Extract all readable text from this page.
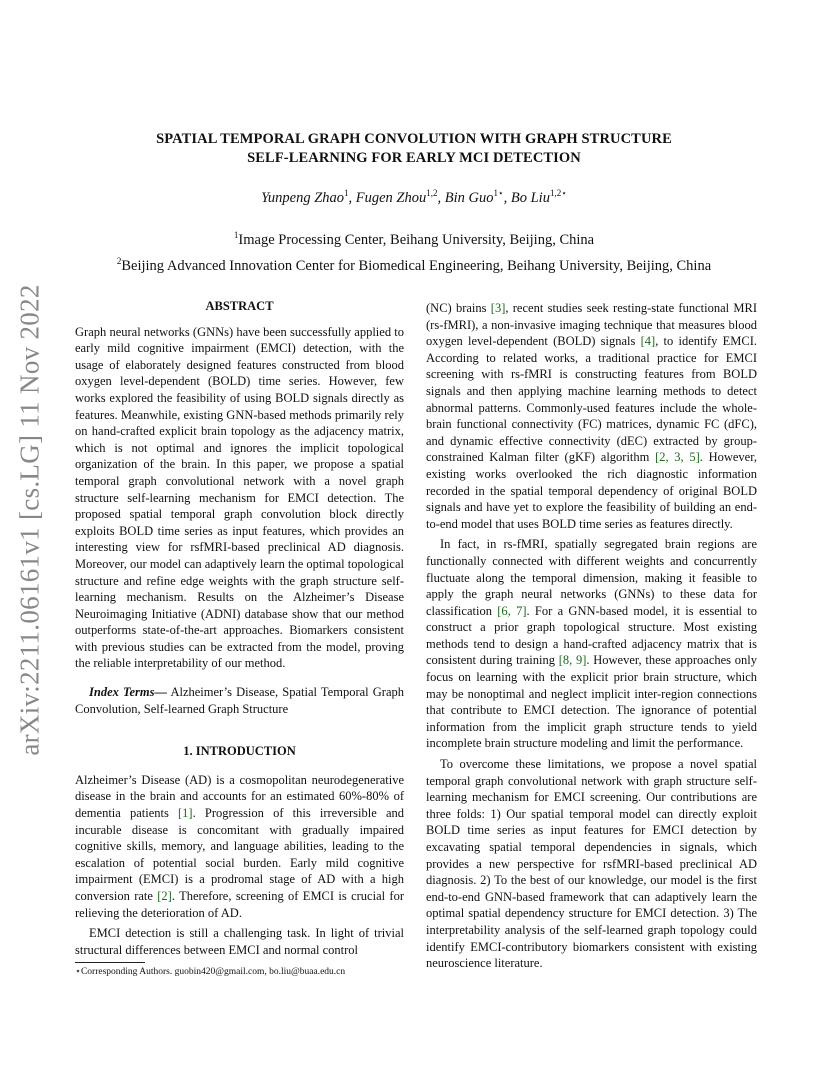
arXiv:2211.06161v1 [cs.LG] 11 Nov 2022
SPATIAL TEMPORAL GRAPH CONVOLUTION WITH GRAPH STRUCTURE
SELF-LEARNING FOR EARLY MCI DETECTION
Yunpeng Zhao$^1$, Fugen Zhou$^{1,2}$, Bin Guo$^{1⋆}$, Bo Liu$^{1,2⋆}$
$^1$Image Processing Center, Beihang University, Beijing, China
$^2$Beijing Advanced Innovation Center for Biomedical Engineering, Beihang University, Beijing, China
ABSTRACT

Graph neural networks (GNNs) have been successfully applied to early mild cognitive impairment (EMCI) detection, with the usage of elaborately designed features constructed from blood oxygen level-dependent (BOLD) time series. However, few works explored the feasibility of using BOLD signals directly as features. Meanwhile, existing GNN-based methods primarily rely on hand-crafted explicit brain topology as the adjacency matrix, which is not optimal and ignores the implicit topological organization of the brain. In this paper, we propose a spatial temporal graph convolutional network with a novel graph structure self-learning mechanism for EMCI detection. The proposed spatial temporal graph convolution block directly exploits BOLD time series as input features, which provides an interesting view for rsfMRI-based preclinical AD diagnosis. Moreover, our model can adaptively learn the optimal topological structure and refine edge weights with the graph structure self-learning mechanism. Results on the Alzheimer’s Disease Neuroimaging Initiative (ADNI) database show that our method outperforms state-of-the-art approaches. Biomarkers consistent with previous studies can be extracted from the model, proving the reliable interpretability of our method.

Index Terms— Alzheimer’s Disease, Spatial Temporal Graph Convolution, Self-learned Graph Structure

1. INTRODUCTION

Alzheimer’s Disease (AD) is a cosmopolitan neurodegenerative disease in the brain and accounts for an estimated 60%-80% of dementia patients [1]. Progression of this irreversible and incurable disease is concomitant with gradually impaired cognitive skills, memory, and language abilities, leading to the escalation of potential social burden. Early mild cognitive impairment (EMCI) is a prodromal stage of AD with a high conversion rate [2]. Therefore, screening of EMCI is crucial for relieving the deterioration of AD.

EMCI detection is still a challenging task. In light of trivial structural differences between EMCI and normal control

⋆Corresponding Authors. guobin420@gmail.com, bo.liu@buaa.edu.cn

(NC) brains [3], recent studies seek resting-state functional MRI (rs-fMRI), a non-invasive imaging technique that measures blood oxygen level-dependent (BOLD) signals [4], to identify EMCI. According to related works, a traditional practice for EMCI screening with rs-fMRI is constructing features from BOLD signals and then applying machine learning methods to detect abnormal patterns. Commonly-used features include the whole-brain functional connectivity (FC) matrices, dynamic FC (dFC), and dynamic effective connectivity (dEC) extracted by group-constrained Kalman filter (gKF) algorithm [2, 3, 5]. However, existing works overlooked the rich diagnostic information recorded in the spatial temporal dependency of original BOLD signals and have yet to explore the feasibility of building an end-to-end model that uses BOLD time series as features directly.

In fact, in rs-fMRI, spatially segregated brain regions are functionally connected with different weights and concurrently fluctuate along the temporal dimension, making it feasible to apply the graph neural networks (GNNs) to these data for classification [6, 7]. For a GNN-based model, it is essential to construct a prior graph topological structure. Most existing methods tend to design a hand-crafted adjacency matrix that is consistent during training [8, 9]. However, these approaches only focus on learning with the explicit prior brain structure, which may be nonoptimal and neglect implicit inter-region connections that contribute to EMCI detection. The ignorance of potential information from the implicit graph structure tends to yield incomplete brain structure modeling and limit the performance.

To overcome these limitations, we propose a novel spatial temporal graph convolutional network with graph structure self-learning mechanism for EMCI screening. Our contributions are three folds: 1) Our spatial temporal model can directly exploit BOLD time series as input features for EMCI detection by excavating spatial temporal dependencies in signals, which provides a new perspective for rsfMRI-based preclinical AD diagnosis. 2) To the best of our knowledge, our model is the first end-to-end GNN-based framework that can adaptively learn the optimal spatial dependency structure for EMCI detection. 3) The interpretability analysis of the self-learned graph topology could identify EMCI-contributory biomarkers consistent with existing neuroscience literature.
